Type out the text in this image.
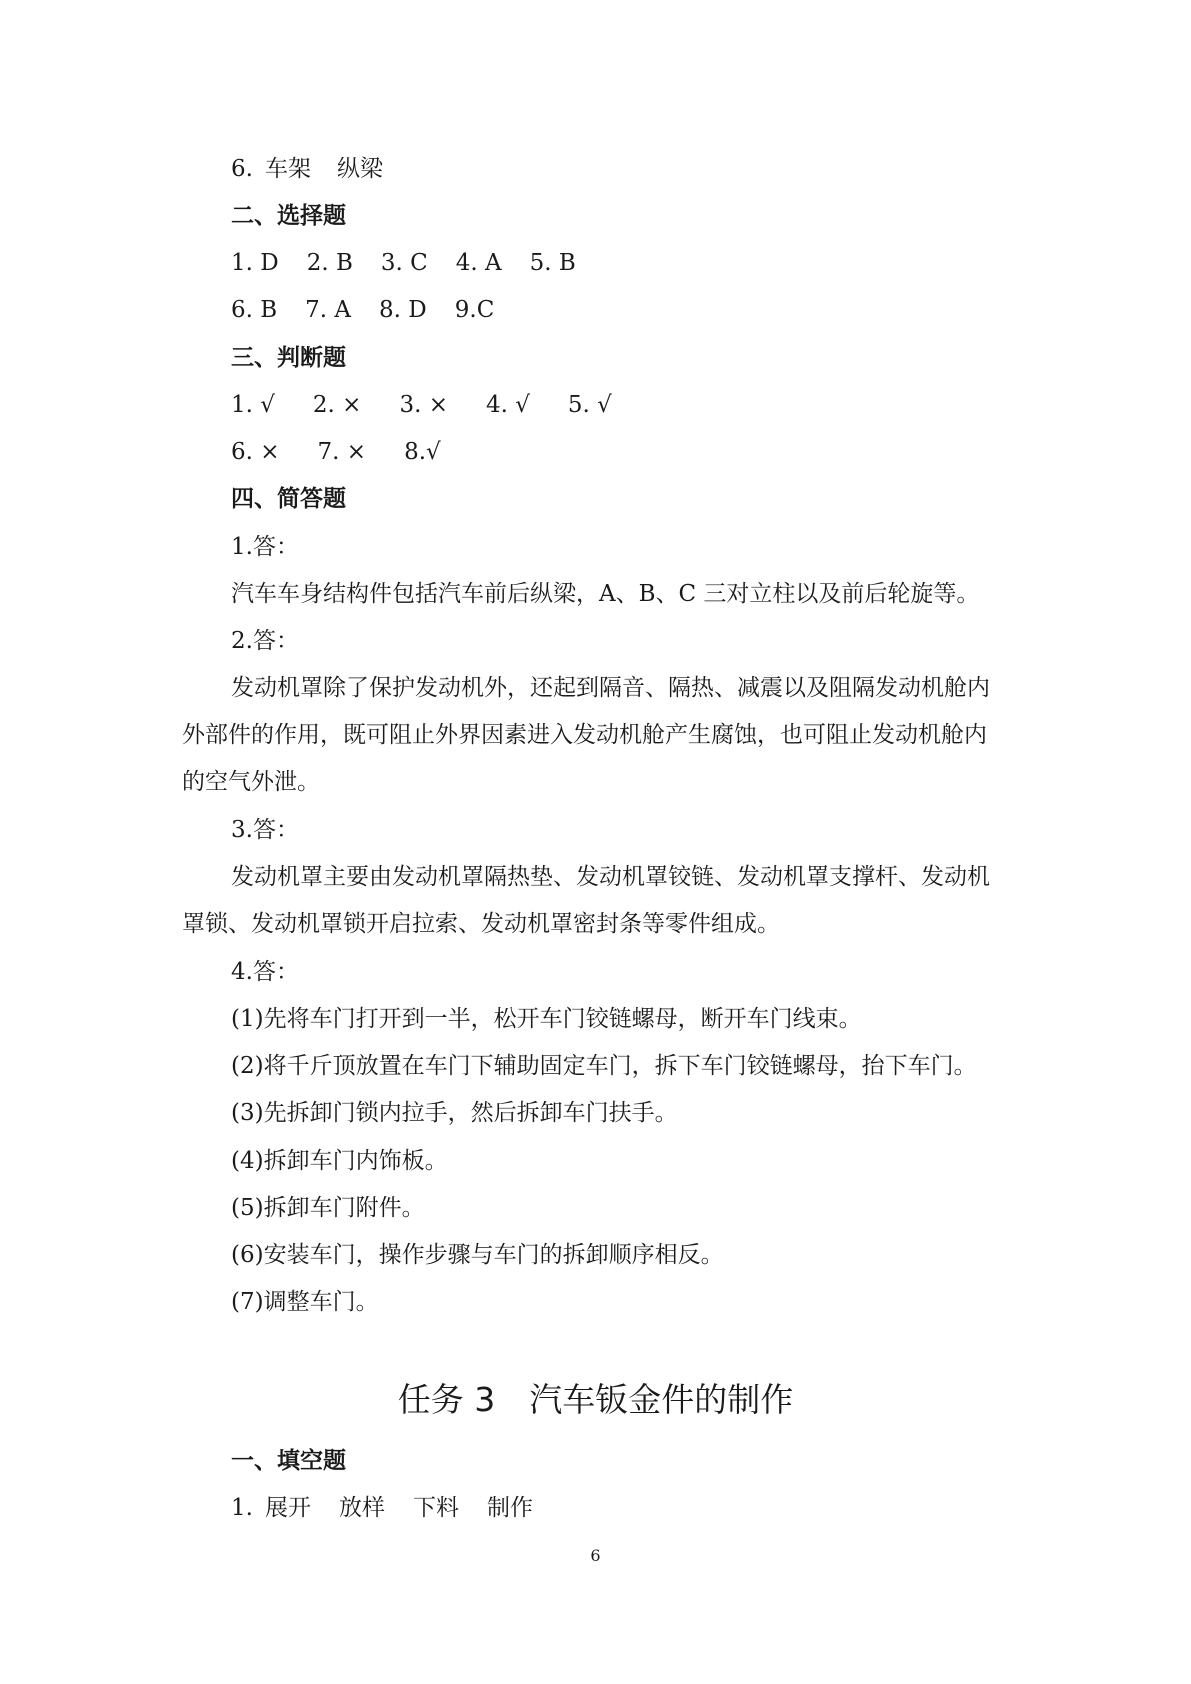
6. 车架 纵梁
二、选择题
1. D 2. B 3. C 4. A 5. B
6. B 7. A 8. D 9.C
三、判断题
1. √ 2. × 3. × 4. √ 5. √
6. × 7. × 8.√
四、简答题
1.答：
汽车车身结构件包括汽车前后纵梁，A、B、C 三对立柱以及前后轮旋等。
2.答：
发动机罩除了保护发动机外，还起到隔音、隔热、减震以及阻隔发动机舱内
外部件的作用，既可阻止外界因素进入发动机舱产生腐蚀，也可阻止发动机舱内
的空气外泄。
3.答：
发动机罩主要由发动机罩隔热垫、发动机罩铰链、发动机罩支撑杆、发动机
罩锁、发动机罩锁开启拉索、发动机罩密封条等零件组成。
4.答：
(1)先将车门打开到一半，松开车门铰链螺母，断开车门线束。
(2)将千斤顶放置在车门下辅助固定车门，拆下车门铰链螺母，抬下车门。
(3)先拆卸门锁内拉手，然后拆卸车门扶手。
(4)拆卸车门内饰板。
(5)拆卸车门附件。
(6)安装车门，操作步骤与车门的拆卸顺序相反。
(7)调整车门。
任务 3 汽车钣金件的制作
一、填空题
1. 展开 放样 下料 制作
6
